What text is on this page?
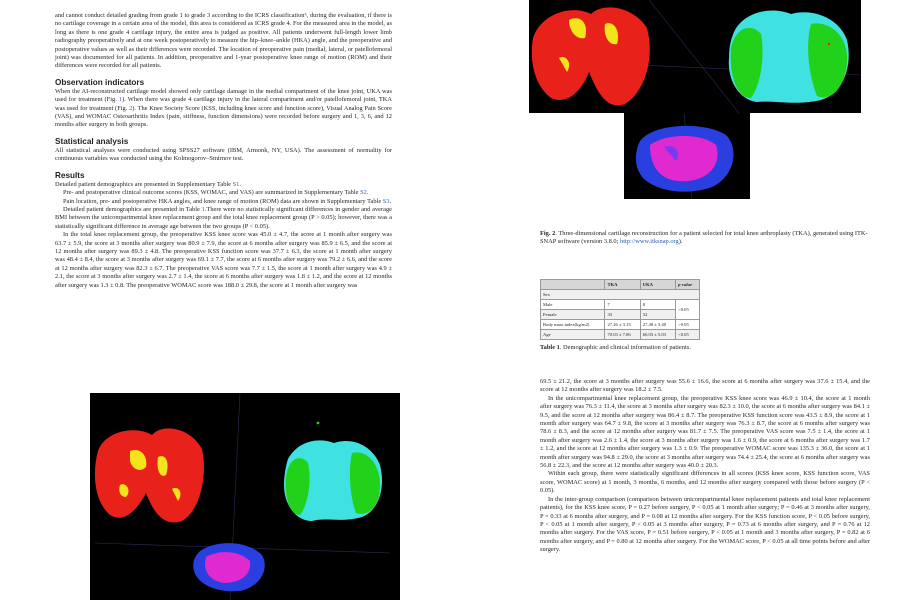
and cannot conduct detailed grading from grade 1 to grade 3 according to the ICRS classification⁶, during the evaluation, if there is no cartilage coverage in a certain area of the model, this area is considered as ICRS grade 4. For the measured area in the model, as long as there is one grade 4 cartilage injury, the entire area is judged as positive. All patients underwent full-length lower limb radiography preoperatively and at one week postoperatively to measure the hip–knee–ankle (HKA) angle, and the preoperative and postoperative values as well as their differences were recorded. The location of preoperative pain (medial, lateral, or patellofemoral joint) was documented for all patients. In addition, preoperative and 1-year postoperative knee range of motion (ROM) and their differences were recorded for all patients.

Observation indicators

When the AI-reconstructed cartilage model showed only cartilage damage in the medial compartment of the knee joint, UKA was used for treatment (Fig. 1). When there was grade 4 cartilage injury in the lateral compartment and/or patellofemoral joint, TKA was used for treatment (Fig. 2). The Knee Society Score (KSS, including knee score and function score), Visual Analog Pain Score (VAS), and WOMAC Osteoarthritis Index (pain, stiffness, function dimensions) were recorded before surgery and 1, 3, 6, and 12 months after surgery in both groups.

Statistical analysis

All statistical analyses were conducted using SPSS27 software (IBM, Armonk, NY, USA). The assessment of normality for continuous variables was conducted using the Kolmogorov–Smirnov test.

Results

Detailed patient demographics are presented in Supplementary Table S1.

Pre- and postoperative clinical outcome scores (KSS, WOMAC, and VAS) are summarized in Supplementary Table S2.

Pain location, pre- and postoperative HKA angles, and knee range of motion (ROM) data are shown in Supplementary Table S3.

Detailed patient demographics are presented in Table 1.There were no statistically significant differences in gender and average BMI between the unicompartmental knee replacement group and the total knee replacement group (P > 0.05); however, there was a statistically significant difference in average age between the two groups (P < 0.05).

In the total knee replacement group, the preoperative KSS knee score was 45.0 ± 4.7, the score at 1 month after surgery was 63.7 ± 5.9, the score at 3 months after surgery was 80.9 ± 7.9, the score at 6 months after surgery was 85.9 ± 6.5, and the score at 12 months after surgery was 89.3 ± 4.8. The preoperative KSS function score was 37.7 ± 6.3, the score at 1 month after surgery was 48.4 ± 8.4, the score at 3 months after surgery was 69.1 ± 7.7, the score at 6 months after surgery was 79.2 ± 6.6, and the score at 12 months after surgery was 82.3 ± 6.7. The preoperative VAS score was 7.7 ± 1.5, the score at 1 month after surgery was 4.9 ± 2.1, the score at 3 months after surgery was 2.7 ± 1.4, the score at 6 months after surgery was 1.8 ± 1.2, and the score at 12 months after surgery was 1.3 ± 0.8. The preoperative WOMAC score was 188.0 ± 29.8, the score at 1 month after surgery was

Fig. 2. Three-dimensional cartilage reconstruction for a patient selected for total knee arthroplasty (TKA), generated using ITK-SNAP software (version 3.8.0; http://www.itksnap.org).

	TKA	UKA	p-value
Sex			
Male	7	8	>0.05
Female	33	32	
Body mass index(kg/m2)	27.26 ± 3.15	27.48 ± 3.48	>0.05
Age	70.03 ± 7.06	66.03 ± 5.03	<0.05

Table 1. Demographic and clinical information of patients.

69.5 ± 21.2, the score at 3 months after surgery was 55.6 ± 16.6, the score at 6 months after surgery was 37.6 ± 15.4, and the score at 12 months after surgery was 18.2 ± 7.5.

In the unicompartmental knee replacement group, the preoperative KSS knee score was 46.9 ± 10.4, the score at 1 month after surgery was 76.3 ± 11.4, the score at 3 months after surgery was 82.3 ± 10.0, the score at 6 months after surgery was 84.1 ± 9.5, and the score at 12 months after surgery was 86.4 ± 8.7. The preoperative KSS function score was 43.5 ± 8.9, the score at 1 month after surgery was 64.7 ± 9.8, the score at 3 months after surgery was 76.3 ± 8.7, the score at 6 months after surgery was 78.6 ± 8.3, and the score at 12 months after surgery was 81.7 ± 7.5. The preoperative VAS score was 7.5 ± 1.4, the score at 1 month after surgery was 2.6 ± 1.4, the score at 3 months after surgery was 1.6 ± 0.9, the score at 6 months after surgery was 1.7 ± 1.2, and the score at 12 months after surgery was 1.3 ± 0.9. The preoperative WOMAC score was 135.3 ± 36.0, the score at 1 month after surgery was 94.8 ± 29.0, the score at 3 months after surgery was 74.4 ± 25.4, the score at 6 months after surgery was 56.8 ± 22.3, and the score at 12 months after surgery was 40.0 ± 20.3.

Within each group, there were statistically significant differences in all scores (KSS knee score, KSS function score, VAS score, WOMAC score) at 1 month, 3 months, 6 months, and 12 months after surgery compared with those before surgery (P < 0.05).

In the inter-group comparison (comparison between unicompartmental knee replacement patients and total knee replacement patients), for the KSS knee score, P = 0.27 before surgery, P < 0.05 at 1 month after surgery; P = 0.46 at 3 months after surgery, P = 0.33 at 6 months after surgery, and P = 0.08 at 12 months after surgery. For the KSS function score, P < 0.05 before surgery, P < 0.05 at 1 month after surgery, P < 0.05 at 3 months after surgery, P = 0.73 at 6 months after surgery, and P = 0.76 at 12 months after surgery. For the VAS score, P = 0.51 before surgery, P < 0.05 at 1 month and 3 months after surgery, P = 0.82 at 6 months after surgery, and P = 0.80 at 12 months after surgery. For the WOMAC score, P < 0.05 at all time points before and after surgery.
